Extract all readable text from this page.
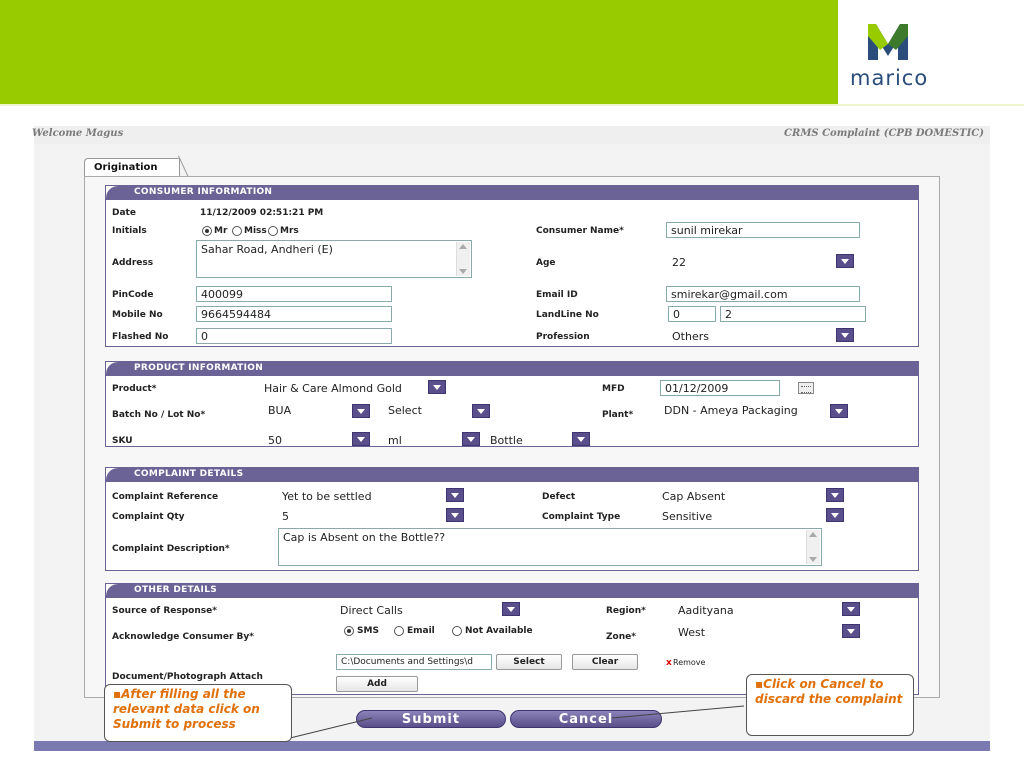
marico
Welcome Magus	CRMS Complaint (CPB DOMESTIC)
Origination
CONSUMER INFORMATION
Date	11/12/2009 02:51:21 PM
Initials	Mr Miss Mrs	Consumer Name*	sunil mirekar
Address
Sahar Road, Andheri (E)
Age	22
PinCode	400099	Email ID	smirekar@gmail.com
Mobile No	9664594484	LandLine No	0	2
Flashed No	0	Profession	Others
PRODUCT INFORMATION
Product*	Hair & Care Almond Gold	MFD	01/12/2009
Batch No / Lot No*	BUA	Select	Plant*	DDN - Ameya Packaging
SKU	50	ml	Bottle
COMPLAINT DETAILS
Complaint Reference	Yet to be settled	Defect	Cap Absent
Complaint Qty	5	Complaint Type	Sensitive
Complaint Description*
Cap is Absent on the Bottle??
OTHER DETAILS
Source of Response*	Direct Calls	Region*	Aadityana
Acknowledge Consumer By*
SMS	Email	Not Available
Zone*	West
Document/Photograph Attach
C:\Documents and Settings\d	Select	Clear	x Remove
Add
Submit	Cancel
▪After filling all the relevant data click on Submit to process
▪Click on Cancel to discard the complaint
